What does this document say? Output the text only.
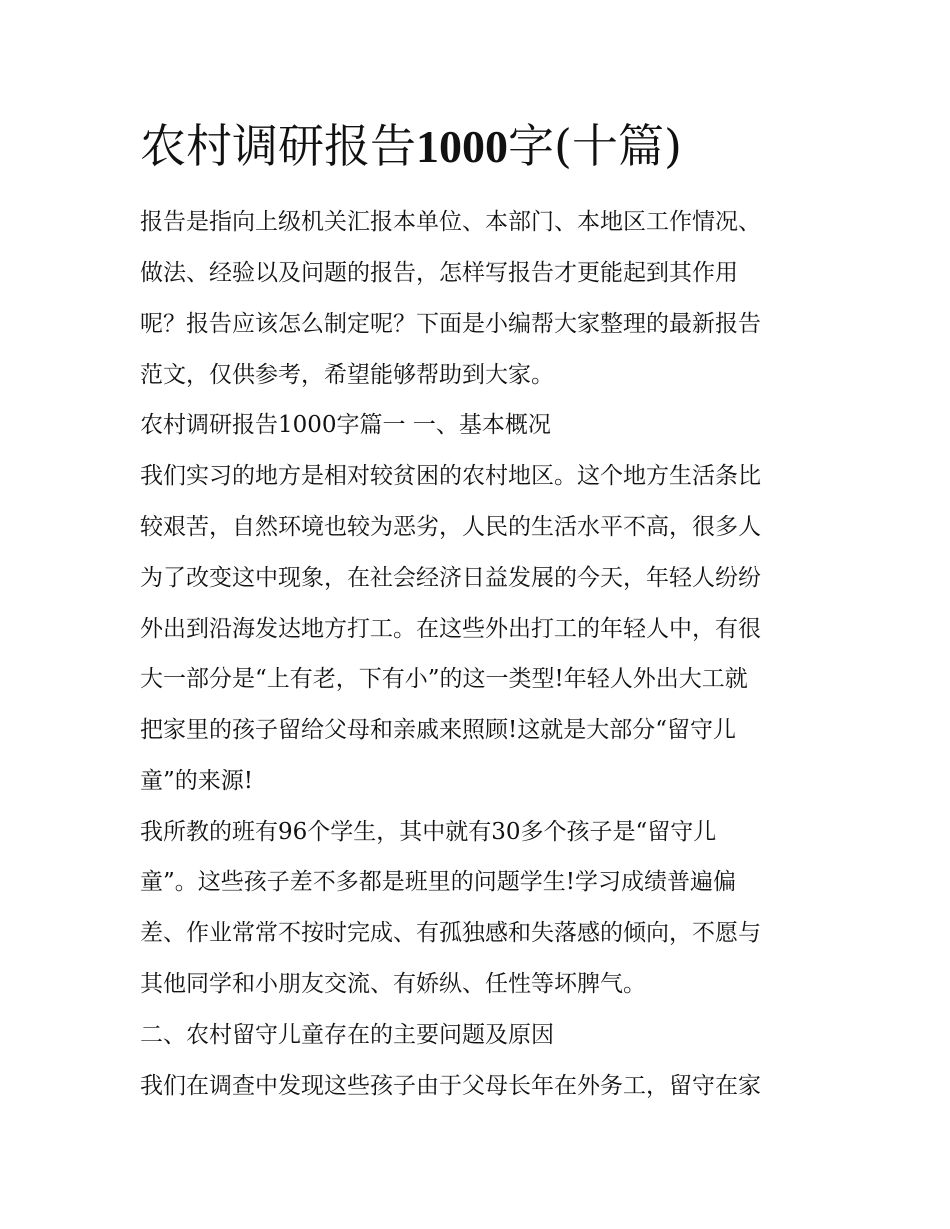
农村调研报告1000字(十篇)

报告是指向上级机关汇报本单位、本部门、本地区工作情况、

做法、经验以及问题的报告，怎样写报告才更能起到其作用

呢？报告应该怎么制定呢？下面是小编帮大家整理的最新报告

范文，仅供参考，希望能够帮助到大家。

农村调研报告1000字篇一 一、基本概况

我们实习的地方是相对较贫困的农村地区。这个地方生活条比

较艰苦，自然环境也较为恶劣，人民的生活水平不高，很多人

为了改变这中现象，在社会经济日益发展的今天，年轻人纷纷

外出到沿海发达地方打工。在这些外出打工的年轻人中，有很

大一部分是“上有老，下有小”的这一类型!年轻人外出大工就

把家里的孩子留给父母和亲戚来照顾!这就是大部分“留守儿

童”的来源!

我所教的班有96个学生，其中就有30多个孩子是“留守儿

童”。这些孩子差不多都是班里的问题学生!学习成绩普遍偏

差、作业常常不按时完成、有孤独感和失落感的倾向，不愿与

其他同学和小朋友交流、有娇纵、任性等坏脾气。

二、农村留守儿童存在的主要问题及原因

我们在调查中发现这些孩子由于父母长年在外务工，留守在家
